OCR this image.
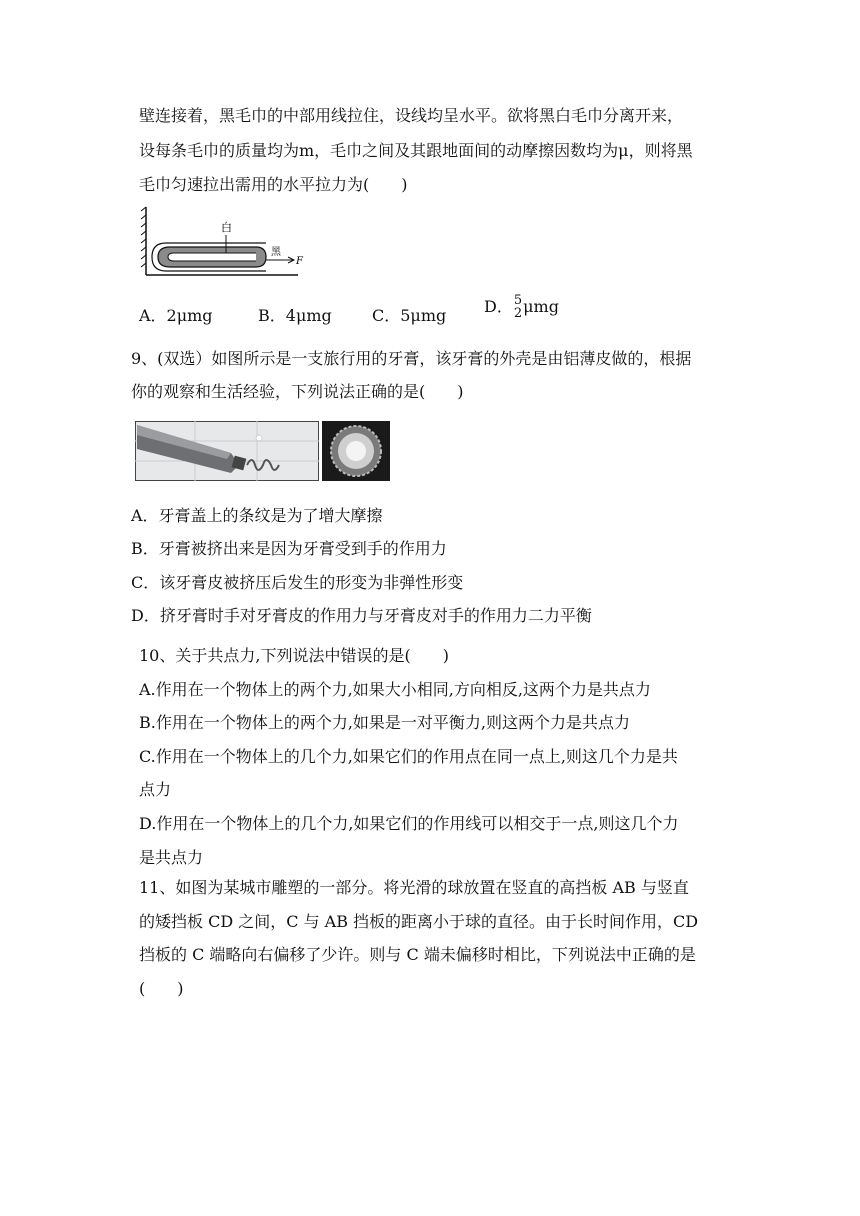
壁连接着，黑毛巾的中部用线拉住，设线均呈水平。欲将黑白毛巾分离开来，
设每条毛巾的质量均为m，毛巾之间及其跟地面间的动摩擦因数均为μ，则将黑
毛巾匀速拉出需用的水平拉力为(　　)
白
黑
F
A．2μmg	B．4μmg	C．5μmg D． 5
2 μmg
9、(双选）如图所示是一支旅行用的牙膏，该牙膏的外壳是由铝薄皮做的，根据
你的观察和生活经验，下列说法正确的是(　　)
A．牙膏盖上的条纹是为了增大摩擦
B．牙膏被挤出来是因为牙膏受到手的作用力
C．该牙膏皮被挤压后发生的形变为非弹性形变
D．挤牙膏时手对牙膏皮的作用力与牙膏皮对手的作用力二力平衡
10、关于共点力,下列说法中错误的是(　　)
A.作用在一个物体上的两个力,如果大小相同,方向相反,这两个力是共点力
B.作用在一个物体上的两个力,如果是一对平衡力,则这两个力是共点力
C.作用在一个物体上的几个力,如果它们的作用点在同一点上,则这几个力是共
点力
D.作用在一个物体上的几个力,如果它们的作用线可以相交于一点,则这几个力
是共点力
11、如图为某城市雕塑的一部分。将光滑的球放置在竖直的高挡板 AB 与竖直
的矮挡板 CD 之间，C 与 AB 挡板的距离小于球的直径。由于长时间作用，CD
挡板的 C 端略向右偏移了少许。则与 C 端未偏移时相比，下列说法中正确的是
(　　)
